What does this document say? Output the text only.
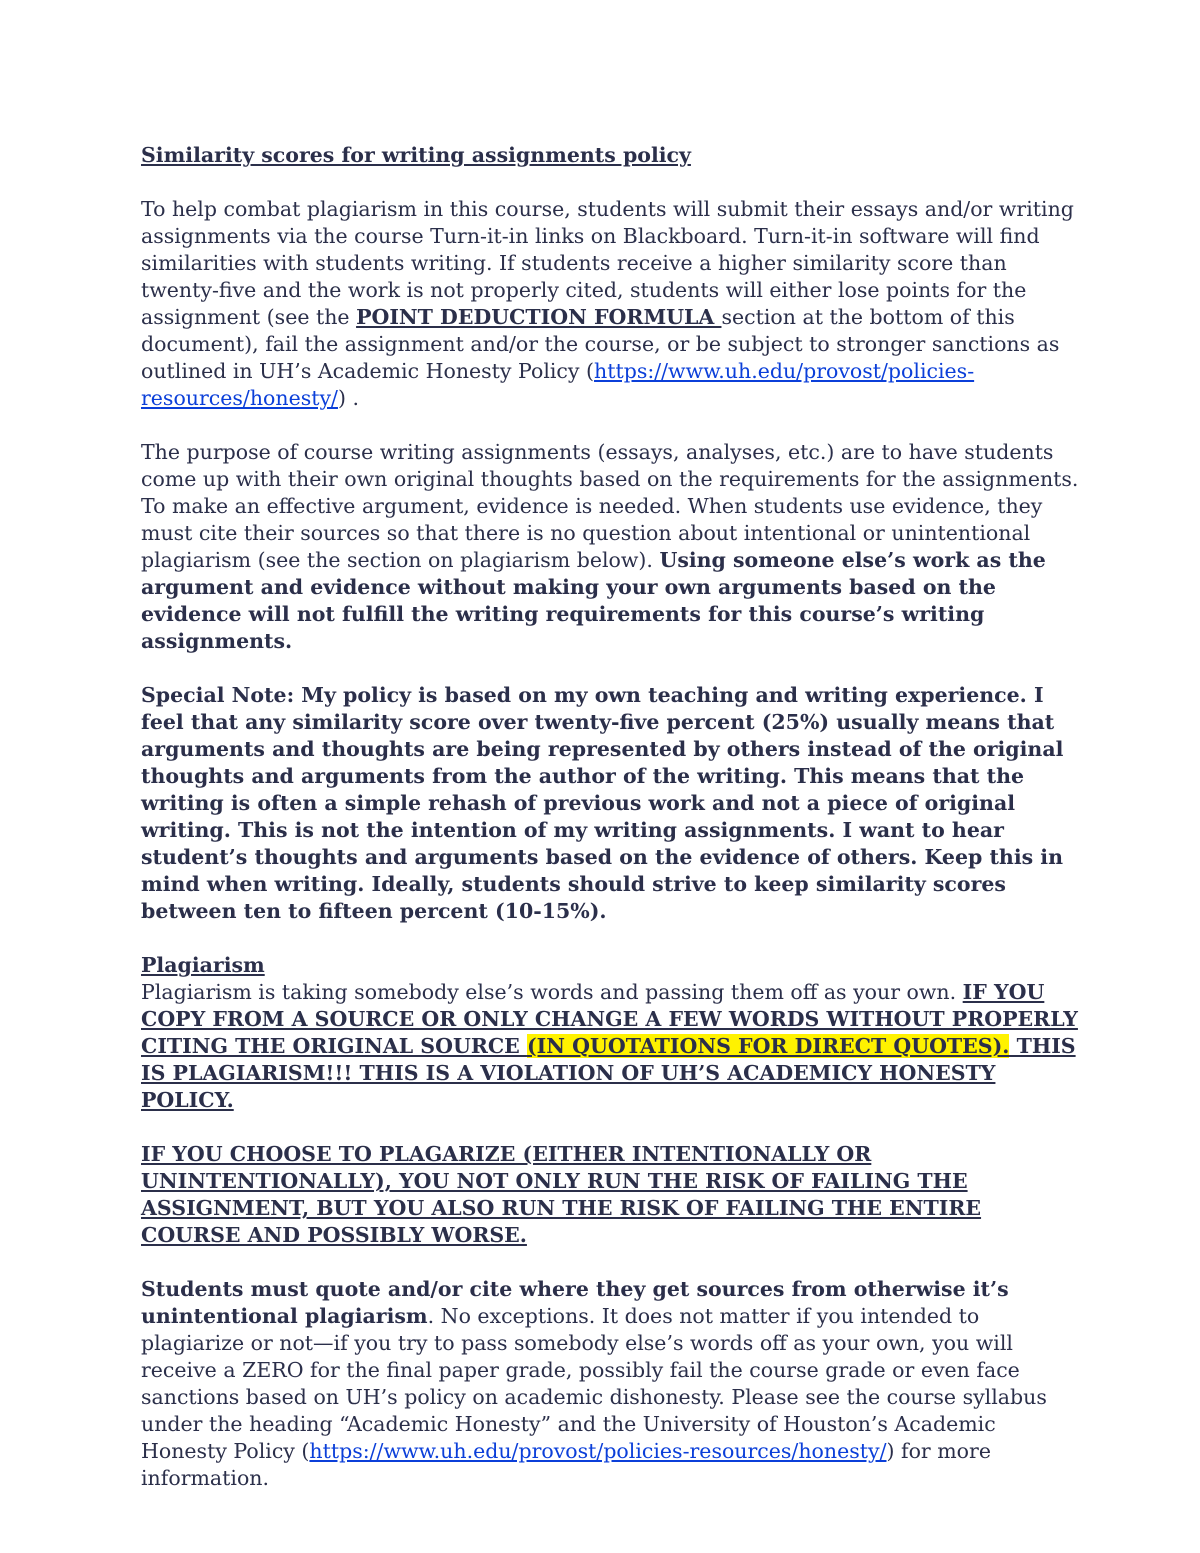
Similarity scores for writing assignments policy

To help combat plagiarism in this course, students will submit their essays and/or writing assignments via the course Turn-it-in links on Blackboard. Turn-it-in software will find similarities with students writing. If students receive a higher similarity score than twenty-five and the work is not properly cited, students will either lose points for the assignment (see the POINT DEDUCTION FORMULA section at the bottom of this document), fail the assignment and/or the course, or be subject to stronger sanctions as outlined in UH’s Academic Honesty Policy (https://www.uh.edu/provost/policies-resources/honesty/) .

The purpose of course writing assignments (essays, analyses, etc.) are to have students come up with their own original thoughts based on the requirements for the assignments. To make an effective argument, evidence is needed. When students use evidence, they must cite their sources so that there is no question about intentional or unintentional plagiarism (see the section on plagiarism below). Using someone else’s work as the argument and evidence without making your own arguments based on the evidence will not fulfill the writing requirements for this course’s writing assignments.

Special Note: My policy is based on my own teaching and writing experience. I feel that any similarity score over twenty-five percent (25%) usually means that arguments and thoughts are being represented by others instead of the original thoughts and arguments from the author of the writing. This means that the writing is often a simple rehash of previous work and not a piece of original writing. This is not the intention of my writing assignments. I want to hear student’s thoughts and arguments based on the evidence of others. Keep this in mind when writing. Ideally, students should strive to keep similarity scores between ten to fifteen percent (10-15%).

Plagiarism
Plagiarism is taking somebody else’s words and passing them off as your own. IF YOU COPY FROM A SOURCE OR ONLY CHANGE A FEW WORDS WITHOUT PROPERLY CITING THE ORIGINAL SOURCE (IN QUOTATIONS FOR DIRECT QUOTES). THIS IS PLAGIARISM!!! THIS IS A VIOLATION OF UH’S ACADEMICY HONESTY POLICY.

IF YOU CHOOSE TO PLAGARIZE (EITHER INTENTIONALLY OR UNINTENTIONALLY), YOU NOT ONLY RUN THE RISK OF FAILING THE ASSIGNMENT, BUT YOU ALSO RUN THE RISK OF FAILING THE ENTIRE COURSE AND POSSIBLY WORSE.

Students must quote and/or cite where they get sources from otherwise it’s unintentional plagiarism. No exceptions. It does not matter if you intended to plagiarize or not—if you try to pass somebody else’s words off as your own, you will receive a ZERO for the final paper grade, possibly fail the course grade or even face sanctions based on UH’s policy on academic dishonesty. Please see the course syllabus under the heading “Academic Honesty” and the University of Houston’s Academic Honesty Policy (https://www.uh.edu/provost/policies-resources/honesty/) for more information.
